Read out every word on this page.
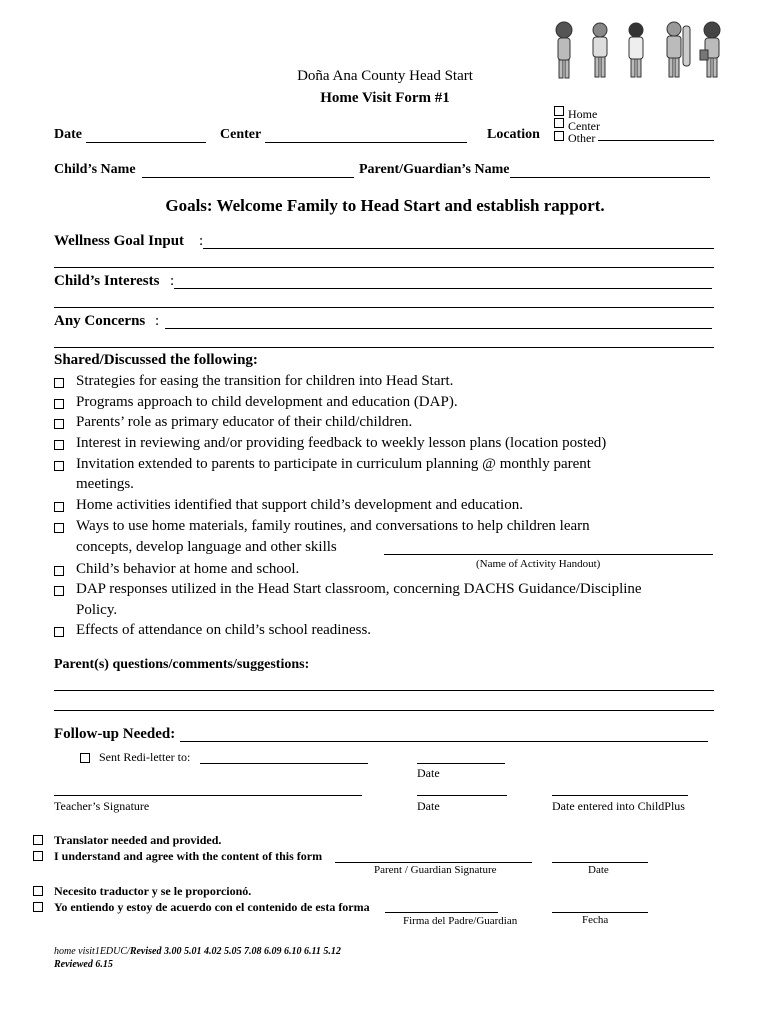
Doña Ana County Head Start
Home Visit Form #1
Date	Center	Location
Home
Center
Other
Child’s Name	Parent/Guardian’s Name
Goals: Welcome Family to Head Start and establish rapport.
Wellness Goal Input :
Child’s Interests :
Any Concerns :
Shared/Discussed the following:
Strategies for easing the transition for children into Head Start.
Programs approach to child development and education (DAP).
Parents’ role as primary educator of their child/children.
Interest in reviewing and/or providing feedback to weekly lesson plans (location posted)
Invitation extended to parents to participate in curriculum planning @ monthly parent
meetings.
Home activities identified that support child’s development and education.
Ways to use home materials, family routines, and conversations to help children learn
concepts, develop language and other skills
(Name of Activity Handout)
Child’s behavior at home and school.
DAP responses utilized in the Head Start classroom, concerning DACHS Guidance/Discipline
Policy.
Effects of attendance on child’s school readiness.
Parent(s) questions/comments/suggestions:
Follow-up Needed:
Sent Redi-letter to:
Date
Teacher’s Signature	Date	Date entered into ChildPlus
Translator needed and provided.
I understand and agree with the content of this form
Parent / Guardian Signature	Date
Necesito traductor y se le proporcionó.
Yo entiendo y estoy de acuerdo con el contenido de esta forma
Firma del Padre/Guardian	Fecha
home visit1EDUC/Revised 3.00 5.01 4.02 5.05 7.08 6.09 6.10 6.11 5.12
Reviewed 6.15
